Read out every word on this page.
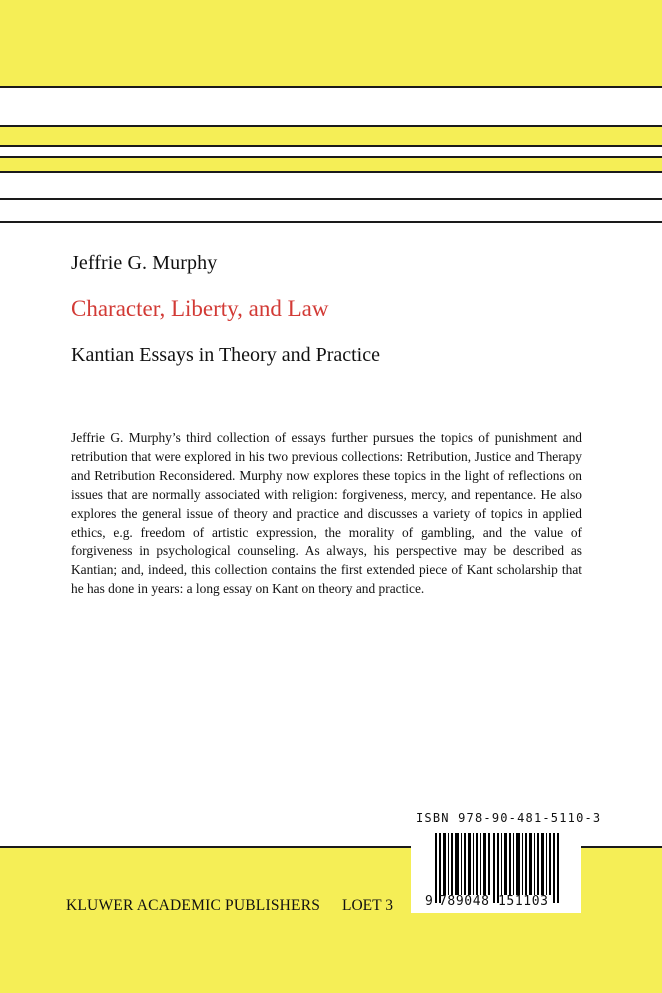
Jeffrie G. Murphy
Character, Liberty, and Law
Kantian Essays in Theory and Practice
Jeffrie G. Murphy’s third collection of essays further pursues the topics of punishment and retribution that were explored in his two previous collections: Retribution, Justice and Therapy and Retribution Reconsidered. Murphy now explores these topics in the light of reflections on issues that are normally associated with religion: forgiveness, mercy, and repentance. He also explores the general issue of theory and practice and discusses a variety of topics in applied ethics, e.g. freedom of artistic expression, the morality of gambling, and the value of forgiveness in psychological counseling. As always, his perspective may be described as Kantian; and, indeed, this collection contains the first extended piece of Kant scholarship that he has done in years: a long essay on Kant on theory and practice.
KLUWER ACADEMIC PUBLISHERS LOET 3
ISBN 978-90-481-5110-3
9 789048 151103
